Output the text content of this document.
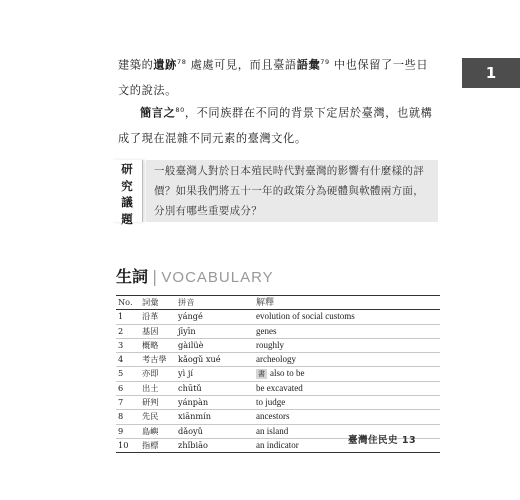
1
建築的遺跡$^{78}$ 處處可見，而且臺語語彙$^{79}$ 中也保留了一些日文的說法。
簡言之$^{80}$，不同族群在不同的背景下定居於臺灣，也就構成了現在混雜不同元素的臺灣文化。
研
究
議
題
一般臺灣人對於日本殖民時代對臺灣的影響有什麼樣的評價？如果我們將五十一年的政策分為硬體與軟體兩方面，分別有哪些重要成分？
生詞 | VOCABULARY
No.	詞彙	拼音	解釋
1	沿革	yángé	evolution of social customs
2	基因	jīyīn	genes
3	概略	gàilüè	roughly
4	考古學	kǎogǔ xué	archeology
5	亦即	yì jí	書 also to be
6	出土	chūtǔ	be excavated
7	研判	yánpàn	to judge
8	先民	xiānmín	ancestors
9	島嶼	dǎoyǔ	an island
10	指標	zhǐbiāo	an indicator	臺灣住民史 13
